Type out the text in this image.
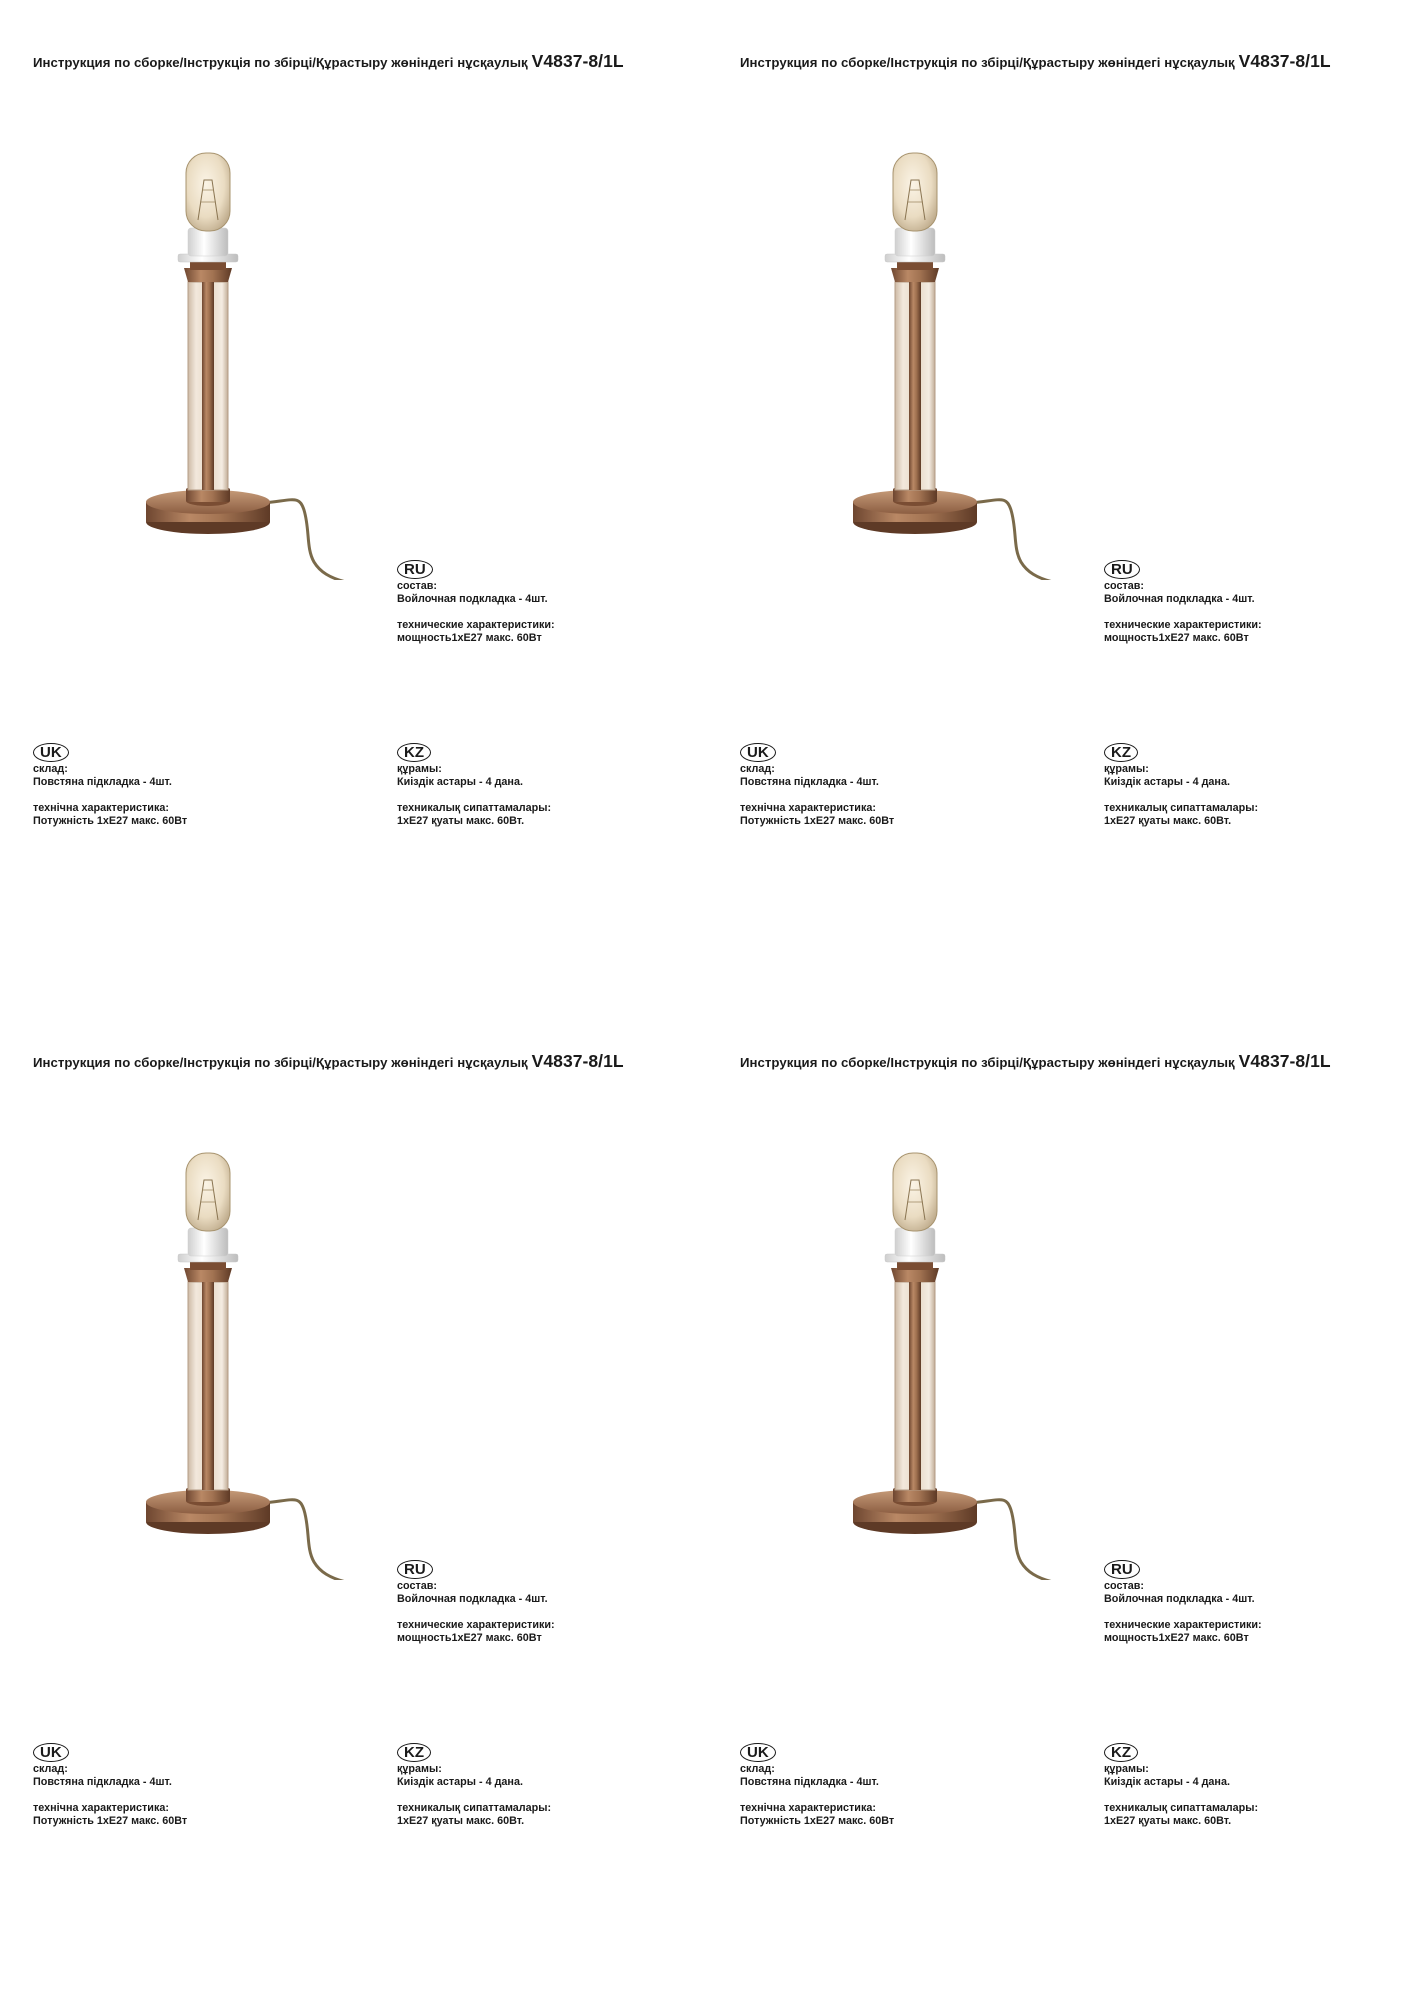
Инструкция по сборке/Інструкція по збірці/Құрастыру жөніндегі нұсқаулық V4837-8/1L
RU
состав:
Войлочная подкладка - 4шт.
технические характеристики:
мощность1хЕ27 макс. 60Вт
UK
склад:
Повстяна підкладка - 4шт.
технічна характеристика:
Потужність 1хЕ27 макс. 60Вт
KZ
құрамы:
Киіздік астары - 4 дана.
техникалық сипаттамалары:
1хЕ27 қуаты макс. 60Вт.
Инструкция по сборке/Інструкція по збірці/Құрастыру жөніндегі нұсқаулық V4837-8/1L
RU
состав:
Войлочная подкладка - 4шт.
технические характеристики:
мощность1хЕ27 макс. 60Вт
UK
склад:
Повстяна підкладка - 4шт.
технічна характеристика:
Потужність 1хЕ27 макс. 60Вт
KZ
құрамы:
Киіздік астары - 4 дана.
техникалық сипаттамалары:
1хЕ27 қуаты макс. 60Вт.
Инструкция по сборке/Інструкція по збірці/Құрастыру жөніндегі нұсқаулық V4837-8/1L
RU
состав:
Войлочная подкладка - 4шт.
технические характеристики:
мощность1хЕ27 макс. 60Вт
UK
склад:
Повстяна підкладка - 4шт.
технічна характеристика:
Потужність 1хЕ27 макс. 60Вт
KZ
құрамы:
Киіздік астары - 4 дана.
техникалық сипаттамалары:
1хЕ27 қуаты макс. 60Вт.
Инструкция по сборке/Інструкція по збірці/Құрастыру жөніндегі нұсқаулық V4837-8/1L
RU
состав:
Войлочная подкладка - 4шт.
технические характеристики:
мощность1хЕ27 макс. 60Вт
UK
склад:
Повстяна підкладка - 4шт.
технічна характеристика:
Потужність 1хЕ27 макс. 60Вт
KZ
құрамы:
Киіздік астары - 4 дана.
техникалық сипаттамалары:
1хЕ27 қуаты макс. 60Вт.
